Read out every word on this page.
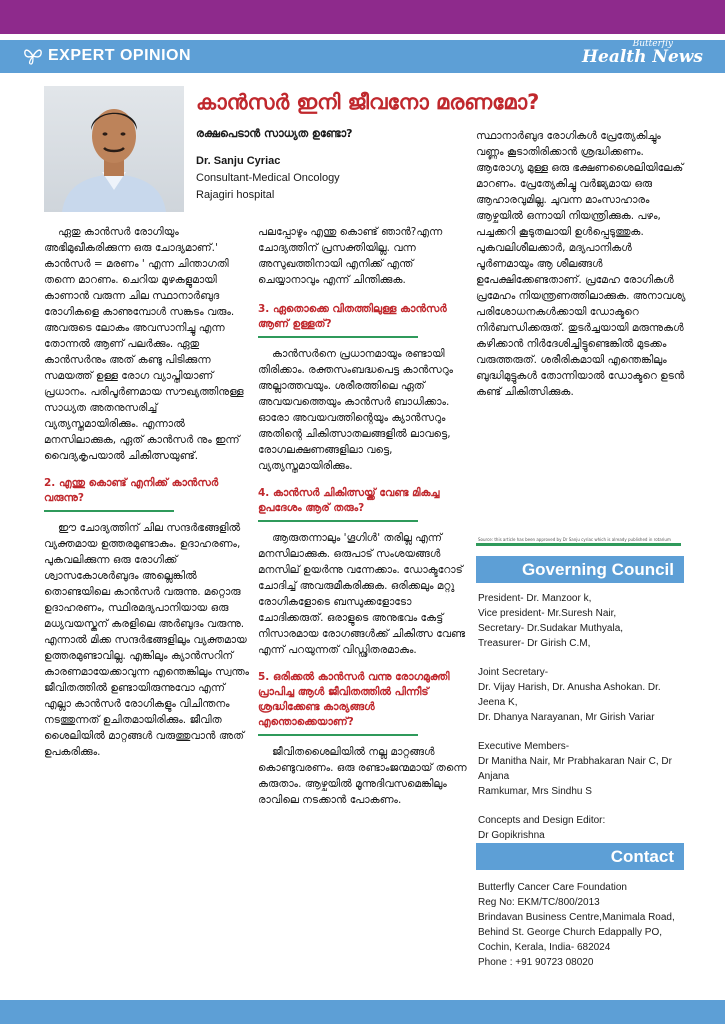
EXPERT OPINION
Butterfly
Health News
കാൻസർ ഇനി ജീവനോ മരണമോ?
രക്ഷപെടാൻ സാധ്യത ഉണ്ടോ?
Dr. Sanju Cyriac
Consultant-Medical Oncology
Rajagiri hospital

ഏതു കാൻസർ രോഗിയും അഭിമുഖീകരിക്കുന്ന ഒരു ചോദ്യമാണ്.' കാൻസർ = മരണം ' എന്ന ചിന്താഗതി തന്നെ മാറണം. ചെറിയ മുഴകളുമായി കാണാൻ വരുന്ന ചില സ്ഥാനാർബുദ രോഗികളെ കാണുമ്പോൾ സങ്കടം വരും. അവരുടെ ലോകം അവസാനിച്ചു എന്ന തോന്നൽ ആണ് പലർക്കും. ഏതു കാൻസർനും അത് കണ്ടു പിടിക്കുന്ന സമയത്ത് ഉള്ള രോഗ വ്യാപ്തിയാണ് പ്രധാനം. പരിപൂർണമായ സൗഖ്യത്തിനുള്ള സാധ്യത അതനുസരിച്ച് വ്യത്യസ്തമായിരിക്കും. എന്നാൽ മനസിലാക്കുക, ഏത് കാൻസർ നും ഇന്ന് വൈദ്യകൃപയാൽ ചികിത്സയുണ്ട്.

2. എന്തു കൊണ്ട് എനിക്ക് കാൻസർ വരുന്നു?

ഈ ചോദ്യത്തിന് ചില സന്ദർഭങ്ങളിൽ വ്യക്തമായ ഉത്തരമുണ്ടാകും. ഉദാഹരണം, പുകവലിക്കുന്ന ഒരു രോഗിക്ക് ശ്വാസകോശർബുദം അല്ലെങ്കിൽ തൊണ്ടയിലെ കാൻസർ വരുന്നു. മറ്റൊരു ഉദാഹരണം, സ്ഥിരമദ്യപാനിയായ ഒരു മധ്യവയസ്കന് കരളിലെ അർബുദം വരുന്നു. എന്നാൽ മിക്ക സന്ദർഭങ്ങളിലും വ്യക്തമായ ഉത്തരമുണ്ടാവില്ല. എങ്കിലും ക്യാൻസറിന് കാരണമായേക്കാവുന്ന എന്തെങ്കിലും സ്വന്തം ജീവിതത്തിൽ ഉണ്ടായിരുന്നുവോ എന്ന് എല്ലാ കാൻസർ രോഗികളും വിചിന്തനം നടത്തുന്നത് ഉചിതമായിരിക്കും. ജീവിത ശൈലിയിൽ മാറ്റങ്ങൾ വരുത്തുവാൻ അത് ഉപകരിക്കും.

പലപ്പോഴും എന്തു കൊണ്ട് ഞാൻ?എന്ന ചോദ്യത്തിന് പ്രസക്തിയില്ല. വന്ന അസുഖത്തിനായി എനിക്ക് എന്ത് ചെയ്യാനാവും എന്ന് ചിന്തിക്കുക.

3. ഏതൊക്കെ വിതത്തിലുള്ള കാൻസർ ആണ് ഉള്ളത്?

കാൻസർനെ പ്രധാനമായും രണ്ടായി തിരിക്കാം. രക്തസംബദ്ധപെട്ട കാൻസറും അല്ലാത്തവയും. ശരീരത്തിലെ ഏത് അവയവത്തെയും കാൻസർ ബാധിക്കാം. ഓരോ അവയവത്തിന്റെയും ക്യാൻസറും അതിന്റെ ചികിത്സാതലങ്ങളിൽ ലാവട്ടെ, രോഗലക്ഷണങ്ങളിലാ വട്ടെ, വ്യത്യസ്തമായിരിക്കും.

4. കാൻസർ ചികിത്സയ്ക്ക് വേണ്ട മികച്ച ഉപദേശം ആര് തരും?

ആരുതന്നാലും 'ഗൂഗിൾ' തരില്ല എന്ന് മനസിലാക്കുക. ഒരുപാട് സംശയങ്ങൾ മനസില് ഉയർന്നു വന്നേക്കാം. ഡോക്ടറോട് ചോദിച്ച് അവരുമീകരിക്കുക. ഒരിക്കലും മറ്റു രോഗികളോടെ ബന്ധുക്കളോടോ ചോദിക്കരുത്. ഒരാളുടെ അനുഭവം കേട്ട് നിസാരമായ രോഗങ്ങൾക്ക് ചികിത്സ വേണ്ട എന്ന് പറയുന്നത് വിഡ്ഢിതരമാകും.

5. ഒരിക്കൽ കാൻസർ വന്നു രോഗമുക്തി പ്രാപിച്ച ആൾ ജീവിതത്തിൽ പിന്നീട് ശ്രദ്ധിക്കേണ്ട കാര്യങ്ങൾ എന്തൊക്കെയാണ്?

ജീവിതശൈലിയിൽ നല്ല മാറ്റങ്ങൾ കൊണ്ടുവരണം. ഒരു രണ്ടാംജന്മമായ് തന്നെ കരുതാം. ആഴ്ചയിൽ മൂന്നുദിവസമെങ്കിലും രാവിലെ നടക്കാൻ പോകണം.

സ്ഥാനാർബുദ രോഗികൾ പ്രേത്യേകിച്ചും വണ്ണം കൂടാതിരിക്കാൻ ശ്രദ്ധിക്കണം. ആരോഗ്യ മുള്ള ഒരു ഭക്ഷണശൈലിയിലേക് മാറണം. പ്രേത്യേകിച്ചു വർജ്യമായ ഒരു ആഹാരവുമില്ല. ചുവന്ന മാംസാഹാരം ആഴ്ചയിൽ ഒന്നായി നിയന്ത്രിക്കുക. പഴം, പച്ചക്കറി കൂടുതലായി ഉൾപ്പെടുത്തുക. പുകവലിശീലക്കാർ, മദ്യപാനികൾ പൂർണമായും ആ ശീലങ്ങൾ ഉപേക്ഷിക്കേണ്ടതാണ്. പ്രമേഹ രോഗികൾ പ്രമേഹം നിയന്ത്രണത്തിലാക്കുക. അനാവശ്യ പരിശോധനകൾക്കായി ഡോക്ടറെ നിർബന്ധിക്കരുത്. തുടർച്ചയായി മരുന്നുകൾ കഴിക്കാൻ നിർദേശിച്ചിട്ടുണ്ടെങ്കിൽ മുടക്കം വരുത്തരുത്. ശരീരികമായി എന്തെങ്കിലും ബുദ്ധിമുട്ടുകൾ തോന്നിയാൽ ഡോക്ടറെ ഉടൻ കണ്ട് ചികിത്സിക്കുക.

Source: this article has been approved by Dr Sanju cyriac which is already published in rotarium
Governing Council

President- Dr. Manzoor k,

Vice president- Mr.Suresh Nair,

Secretary- Dr.Sudakar Muthyala,

Treasurer- Dr Girish C.M,

Joint Secretary-

Dr. Vijay Harish, Dr. Anusha Ashokan. Dr. Jeena K,

Dr. Dhanya Narayanan, Mr Girish Variar

Executive Members-

Dr Manitha Nair, Mr Prabhakaran Nair C, Dr Anjana

Ramkumar, Mrs Sindhu S

Concepts and Design Editor:

Dr Gopikrishna

Contact

Butterfly Cancer Care Foundation

Reg No: EKM/TC/800/2013

Brindavan Business Centre,Manimala Road,

Behind St. George Church Edappally PO,

Cochin, Kerala, India- 682024

Phone : +91 90723 08020
